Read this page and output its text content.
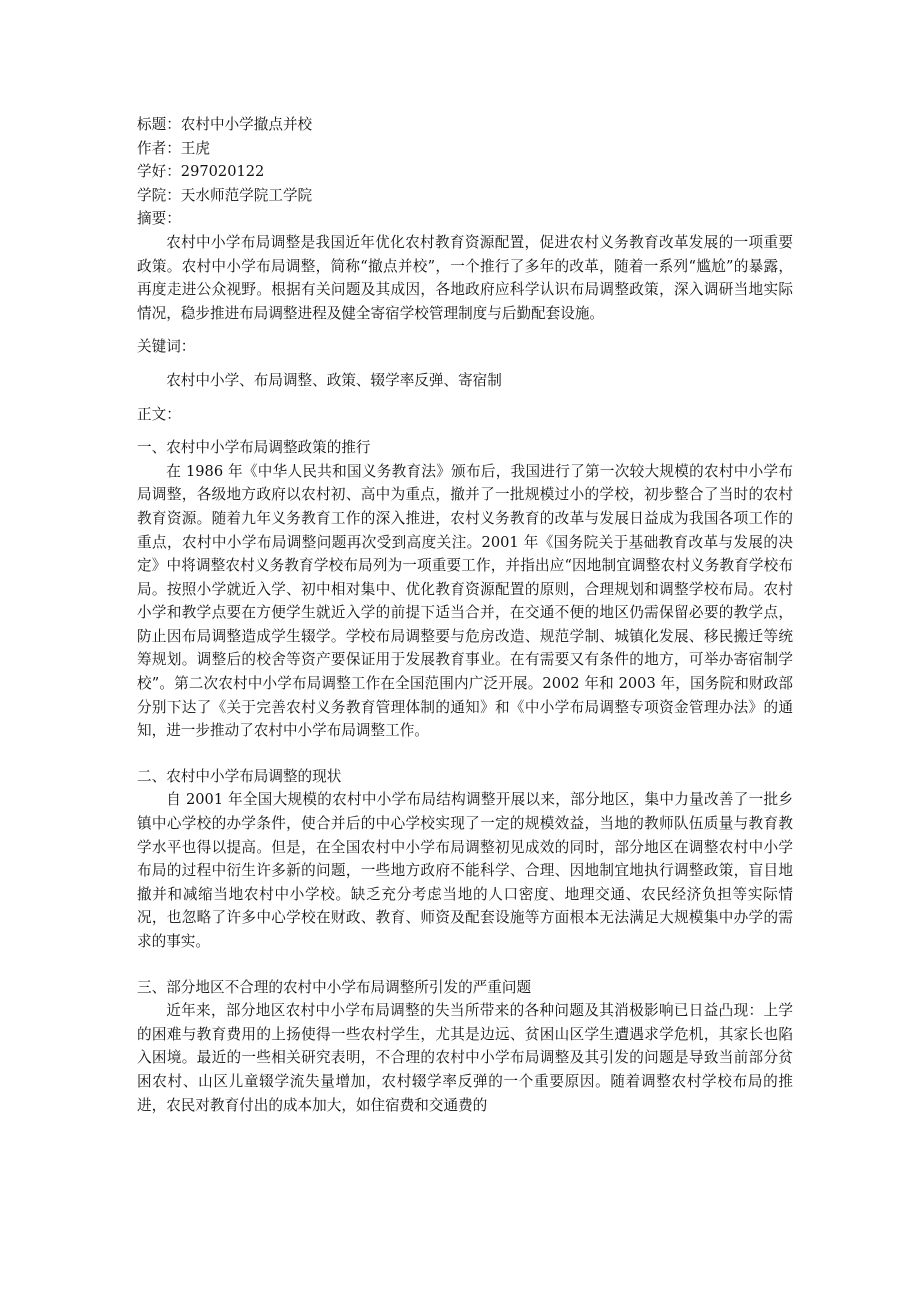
标题：农村中小学撤点并校

作者：王虎

学好：297020122

学院：天水师范学院工学院

摘要：

农村中小学布局调整是我国近年优化农村教育资源配置，促进农村义务教育改革发展的一项重要政策。农村中小学布局调整，简称“撤点并校”，一个推行了多年的改革，随着一系列“尴尬”的暴露，再度走进公众视野。根据有关问题及其成因，各地政府应科学认识布局调整政策，深入调研当地实际情况，稳步推进布局调整进程及健全寄宿学校管理制度与后勤配套设施。

关键词：

农村中小学、布局调整、政策、辍学率反弹、寄宿制

正文：

一、农村中小学布局调整政策的推行

在 1986 年《中华人民共和国义务教育法》颁布后，我国进行了第一次较大规模的农村中小学布局调整，各级地方政府以农村初、高中为重点，撤并了一批规模过小的学校，初步整合了当时的农村教育资源。随着九年义务教育工作的深入推进，农村义务教育的改革与发展日益成为我国各项工作的重点，农村中小学布局调整问题再次受到高度关注。2001 年《国务院关于基础教育改革与发展的决定》中将调整农村义务教育学校布局列为一项重要工作，并指出应“因地制宜调整农村义务教育学校布局。按照小学就近入学、初中相对集中、优化教育资源配置的原则，合理规划和调整学校布局。农村小学和教学点要在方便学生就近入学的前提下适当合并，在交通不便的地区仍需保留必要的教学点，防止因布局调整造成学生辍学。学校布局调整要与危房改造、规范学制、城镇化发展、移民搬迁等统筹规划。调整后的校舍等资产要保证用于发展教育事业。在有需要又有条件的地方，可举办寄宿制学校”。第二次农村中小学布局调整工作在全国范围内广泛开展。2002 年和 2003 年，国务院和财政部分别下达了《关于完善农村义务教育管理体制的通知》和《中小学布局调整专项资金管理办法》的通知，进一步推动了农村中小学布局调整工作。

二、农村中小学布局调整的现状

自 2001 年全国大规模的农村中小学布局结构调整开展以来，部分地区，集中力量改善了一批乡镇中心学校的办学条件，使合并后的中心学校实现了一定的规模效益，当地的教师队伍质量与教育教学水平也得以提高。但是，在全国农村中小学布局调整初见成效的同时，部分地区在调整农村中小学布局的过程中衍生许多新的问题，一些地方政府不能科学、合理、因地制宜地执行调整政策，盲目地撤并和减缩当地农村中小学校。缺乏充分考虑当地的人口密度、地理交通、农民经济负担等实际情况，也忽略了许多中心学校在财政、教育、师资及配套设施等方面根本无法满足大规模集中办学的需求的事实。

三、部分地区不合理的农村中小学布局调整所引发的严重问题

近年来，部分地区农村中小学布局调整的失当所带来的各种问题及其消极影响已日益凸现：上学的困难与教育费用的上扬使得一些农村学生，尤其是边远、贫困山区学生遭遇求学危机，其家长也陷入困境。最近的一些相关研究表明，不合理的农村中小学布局调整及其引发的问题是导致当前部分贫困农村、山区儿童辍学流失量增加，农村辍学率反弹的一个重要原因。随着调整农村学校布局的推进，农民对教育付出的成本加大，如住宿费和交通费的
